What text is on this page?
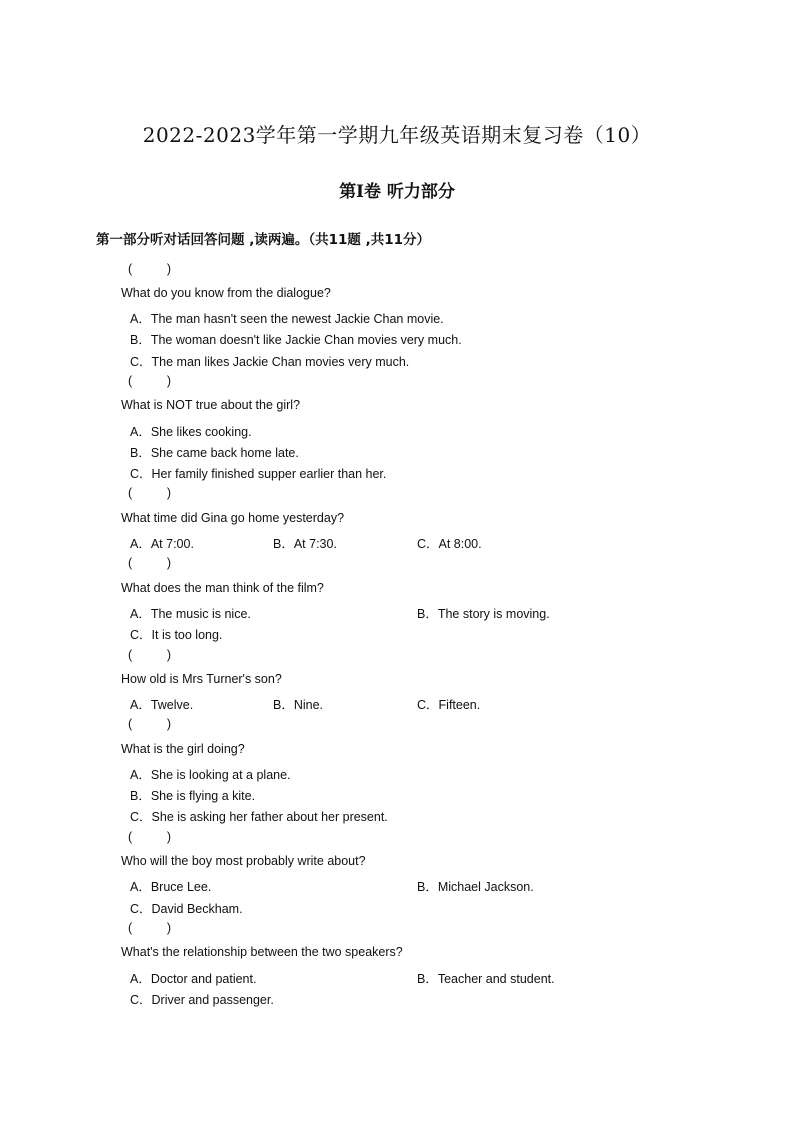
2022-2023学年第一学期九年级英语期末复习卷（10）
第Ⅰ卷 听力部分
第一部分听对话回答问题 ,读两遍。（共11题 ,共11分）
(          )
What do you know from the dialogue?
A．The man hasn't seen the newest Jackie Chan movie.
B．The woman doesn't like Jackie Chan movies very much.
C．The man likes Jackie Chan movies very much.
(          )
What is NOT true about the girl?
A．She likes cooking.
B．She came back home late.
C．Her family finished supper earlier than her.
(          )
What time did Gina go home yesterday?
A．At 7:00.	B．At 7:30.	C．At 8:00.
(          )
What does the man think of the film?
A．The music is nice.	B．The story is moving.
C．It is too long.
(          )
How old is Mrs Turner's son?
A．Twelve.	B．Nine.	C．Fifteen.
(          )
What is the girl doing?
A．She is looking at a plane.
B．She is flying a kite.
C．She is asking her father about her present.
(          )
Who will the boy most probably write about?
A．Bruce Lee.	B．Michael Jackson.
C．David Beckham.
(          )
What's the relationship between the two speakers?
A．Doctor and patient.	B．Teacher and student.
C．Driver and passenger.
